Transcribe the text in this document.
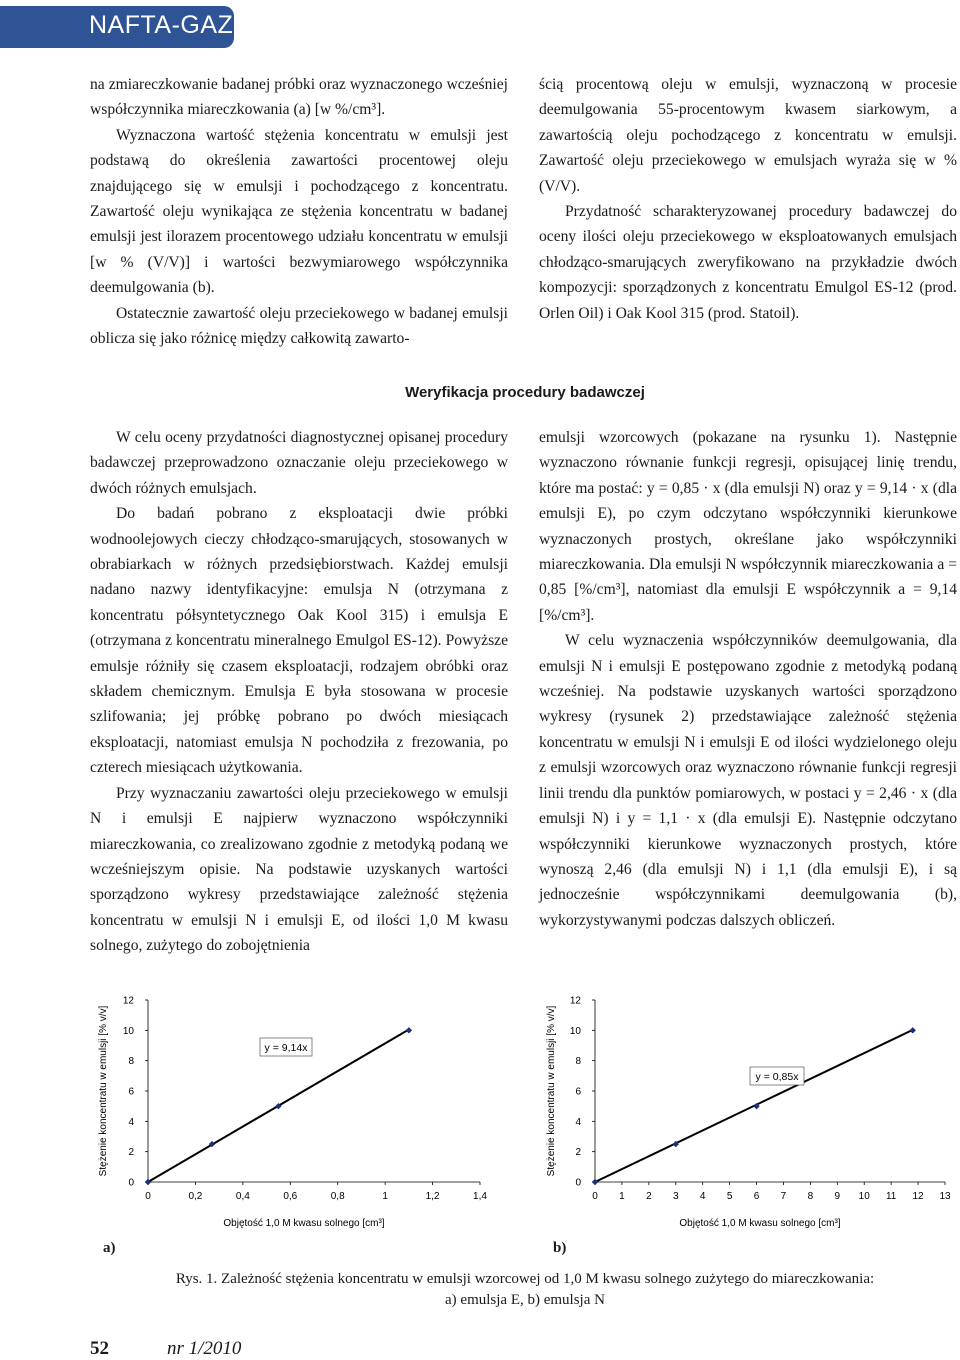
NAFTA-GAZ

na zmiareczkowanie badanej próbki oraz wyznaczonego wcześniej współczynnika miareczkowania (a) [w %/cm³].

Wyznaczona wartość stężenia koncentratu w emulsji jest podstawą do określenia zawartości procentowej oleju znajdującego się w emulsji i pochodzącego z koncentratu. Zawartość oleju wynikająca ze stężenia koncentratu w badanej emulsji jest ilorazem procentowego udziału koncentratu w emulsji [w % (V/V)] i wartości bezwymiarowego współczynnika deemulgowania (b).

Ostatecznie zawartość oleju przeciekowego w badanej emulsji oblicza się jako różnicę między całkowitą zawarto-

ścią procentową oleju w emulsji, wyznaczoną w procesie deemulgowania 55-procentowym kwasem siarkowym, a zawartością oleju pochodzącego z koncentratu w emulsji. Zawartość oleju przeciekowego w emulsjach wyraża się w % (V/V).

Przydatność scharakteryzowanej procedury badawczej do oceny ilości oleju przeciekowego w eksploatowanych emulsjach chłodząco-smarujących zweryfikowano na przykładzie dwóch kompozycji: sporządzonych z koncentratu Emulgol ES-12 (prod. Orlen Oil) i Oak Kool 315 (prod. Statoil).

Weryfikacja procedury badawczej

W celu oceny przydatności diagnostycznej opisanej procedury badawczej przeprowadzono oznaczanie oleju przeciekowego w dwóch różnych emulsjach.

Do badań pobrano z eksploatacji dwie próbki wodnoolejowych cieczy chłodząco-smarujących, stosowanych w obrabiarkach w różnych przedsiębiorstwach. Każdej emulsji nadano nazwy identyfikacyjne: emulsja N (otrzymana z koncentratu półsyntetycznego Oak Kool 315) i emulsja E (otrzymana z koncentratu mineralnego Emulgol ES-12). Powyższe emulsje różniły się czasem eksploatacji, rodzajem obróbki oraz składem chemicznym. Emulsja E była stosowana w procesie szlifowania; jej próbkę pobrano po dwóch miesiącach eksploatacji, natomiast emulsja N pochodziła z frezowania, po czterech miesiącach użytkowania.

Przy wyznaczaniu zawartości oleju przeciekowego w emulsji N i emulsji E najpierw wyznaczono współczynniki miareczkowania, co zrealizowano zgodnie z metodyką podaną we wcześniejszym opisie. Na podstawie uzyskanych wartości sporządzono wykresy przedstawiające zależność stężenia koncentratu w emulsji N i emulsji E, od ilości 1,0 M kwasu solnego, zużytego do zobojętnienia

emulsji wzorcowych (pokazane na rysunku 1). Następnie wyznaczono równanie funkcji regresji, opisującej linię trendu, które ma postać: y = 0,85 · x (dla emulsji N) oraz y = 9,14 · x (dla emulsji E), po czym odczytano współczynniki kierunkowe wyznaczonych prostych, określane jako współczynniki miareczkowania. Dla emulsji N współczynnik miareczkowania a = 0,85 [%/cm³], natomiast dla emulsji E współczynnik a = 9,14 [%/cm³].

W celu wyznaczenia współczynników deemulgowania, dla emulsji N i emulsji E postępowano zgodnie z metodyką podaną wcześniej. Na podstawie uzyskanych wartości sporządzono wykresy (rysunek 2) przedstawiające zależność stężenia koncentratu w emulsji N i emulsji E od ilości wydzielonego oleju z emulsji wzorcowych oraz wyznaczono równanie funkcji regresji linii trendu dla punktów pomiarowych, w postaci y = 2,46 · x (dla emulsji N) i y = 1,1 · x (dla emulsji E). Następnie odczytano współczynniki kierunkowe wyznaczonych prostych, które wynoszą 2,46 (dla emulsji N) i 1,1 (dla emulsji E), i są jednocześnie współczynnikami deemulgowania (b), wykorzystywanymi podczas dalszych obliczeń.

0
2
4
6
8
10
12
0	0,2	0,4	0,6	0,8	1	1,2	1,4
y = 9,14x
Objętość 1,0 M kwasu solnego [cm³]
Stężenie koncentratu w emulsji [% v/v]
0
2
4
6
8
10
12
0 1 2 3 4 5 6 7 8 9 10 11 12 13
y = 0,85x
Objętość 1,0 M kwasu solnego [cm³]
Stężenie koncentratu w emulsji [% v/v]
a)	b)
Rys. 1. Zależność stężenia koncentratu w emulsji wzorcowej od 1,0 M kwasu solnego zużytego do miareczkowania:
a) emulsja E, b) emulsja N
52	nr 1/2010
